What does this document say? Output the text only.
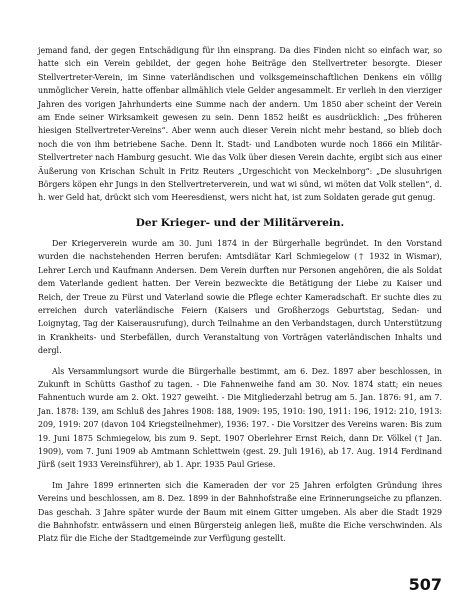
jemand fand, der gegen Entschädigung für ihn einsprang. Da dies Finden nicht so einfach war, so hatte sich ein Verein gebildet, der gegen hohe Beiträge den Stellvertreter besorgte. Dieser Stellvertreter-Verein, im Sinne vaterländischen und volksgemeinschaftlichen Denkens ein völlig unmöglicher Verein, hatte offenbar allmählich viele Gelder angesammelt. Er verlieh in den vierziger Jahren des vorigen Jahrhunderts eine Summe nach der andern. Um 1850 aber scheint der Verein am Ende seiner Wirksamkeit gewesen zu sein. Denn 1852 heißt es ausdrücklich: „Des früheren hiesigen Stellvertreter-Vereins“. Aber wenn auch dieser Verein nicht mehr bestand, so blieb doch noch die von ihm betriebene Sache. Denn lt. Stadt- und Landboten wurde noch 1866 ein Militär-Stellvertreter nach Hamburg gesucht. Wie das Volk über diesen Verein dachte, ergibt sich aus einer Äußerung von Krischan Schult in Fritz Reuters „Urgeschicht von Meckelnborg“: „De slusuhrigen Börgers köpen ehr Jungs in den Stellvertreterverein, und wat wi sünd, wi möten dat Volk stellen“, d. h. wer Geld hat, drückt sich vom Heeresdienst, wers nicht hat, ist zum Soldaten gerade gut genug.

Der Krieger- und der Militärverein.

Der Kriegerverein wurde am 30. Juni 1874 in der Bürgerhalle begründet. In den Vorstand wurden die nachstehenden Herren berufen: Amtsdiätar Karl Schmiegelow († 1932 in Wismar), Lehrer Lerch und Kaufmann Andersen. Dem Verein durften nur Personen angehören, die als Soldat dem Vaterlande gedient hatten. Der Verein bezweckte die Betätigung der Liebe zu Kaiser und Reich, der Treue zu Fürst und Vaterland sowie die Pflege echter Kameradschaft. Er suchte dies zu erreichen durch vaterländische Feiern (Kaisers und Großherzogs Geburtstag, Sedan- und Loignytag, Tag der Kaiserausrufung), durch Teilnahme an den Verbandstagen, durch Unterstützung in Krankheits- und Sterbefällen, durch Veranstaltung von Vorträgen vaterländischen Inhalts und dergl.

Als Versammlungsort wurde die Bürgerhalle bestimmt, am 6. Dez. 1897 aber beschlossen, in Zukunft in Schütts Gasthof zu tagen. - Die Fahnenweihe fand am 30. Nov. 1874 statt; ein neues Fahnentuch wurde am 2. Okt. 1927 geweiht. - Die Mitgliederzahl betrug am 5. Jan. 1876: 91, am 7. Jan. 1878: 139, am Schluß des Jahres 1908: 188, 1909: 195, 1910: 190, 1911: 196, 1912: 210, 1913: 209, 1919: 207 (davon 104 Kriegsteilnehmer), 1936: 197. - Die Vorsitzer des Vereins waren: Bis zum 19. Juni 1875 Schmiegelow, bis zum 9. Sept. 1907 Oberlehrer Ernst Reich, dann Dr. Völkel († Jan. 1909), vom 7. Juni 1909 ab Amtmann Schlettwein (gest. 29. Juli 1916), ab 17. Aug. 1914 Ferdinand Jürß (seit 1933 Vereinsführer), ab 1. Apr. 1935 Paul Griese.

Im Jahre 1899 erinnerten sich die Kameraden der vor 25 Jahren erfolgten Gründung ihres Vereins und beschlossen, am 8. Dez. 1899 in der Bahnhofstraße eine Erinnerungseiche zu pflanzen. Das geschah. 3 Jahre später wurde der Baum mit einem Gitter umgeben. Als aber die Stadt 1929 die Bahnhofstr. entwässern und einen Bürgersteig anlegen ließ, mußte die Eiche verschwinden. Als Platz für die Eiche der Stadtgemeinde zur Verfügung gestellt.

507
